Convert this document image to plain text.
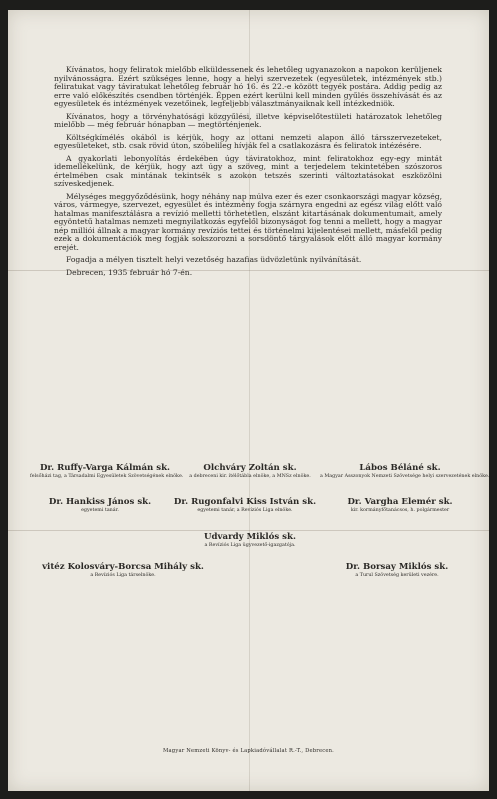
Kívánatos, hogy feliratok mielőbb elküldessenek és lehetőleg ugyanazokon a napokon kerüljenek nyilvánosságra. Ezért szükséges lenne, hogy a helyi szervezetek (egyesületek, intézmények stb.) feliratukat vagy táviratukat lehetőleg február hó 16. és 22.-e között tegyék postára. Addig pedig az erre való előkészítés csendben történjék. Éppen ezért kerülni kell minden gyűlés összehívását és az egyesületek és intézmények vezetőinek, legfeljebb választmányaiknak kell intézkedniök.

Kívánatos, hogy a törvényhatósági közgyűlési, illetve képviselőtestületi határozatok lehetőleg mielőbb — még február hónapban — megtörténjenek.

Költségkímélés okából is kérjük, hogy az ottani nemzeti alapon álló társszervezeteket, egyesületeket, stb. csak rövid úton, szóbelileg hívják fel a csatlakozásra és feliratok intézésére.

A gyakorlati lebonyolítás érdekében úgy táviratokhoz, mint feliratokhoz egy-egy mintát idemellékelünk, de kérjük, hogy azt úgy a szöveg, mint a terjedelem tekintetében szószoros értelmében csak mintának tekintsék s azokon tetszés szerinti változtatásokat eszközölni szíveskedjenek.

Mélységes meggyőződésünk, hogy néhány nap múlva ezer és ezer csonkaországi magyar község, város, vármegye, szervezet, egyesület és intézmény fogja szárnyra engedni az egész világ előtt való hatalmas manifesztálásra a revízió melletti törhetetlen, elszánt kitartásának dokumentumait, amely egyöntetű hatalmas nemzeti megnyilatkozás egyfelől bizonyságot fog tenni a mellett, hogy a magyar nép milliói állnak a magyar kormány revíziós tettei és történelmi kijelentései mellett, másfelől pedig ezek a dokumentációk meg fogják sokszorozni a sorsdöntő tárgyalások előtt álló magyar kormány erejét.

Fogadja a mélyen tisztelt helyi vezetőség hazafias üdvözletünk nyilvánítását.

Debrecen, 1935 február hó 7-én.

Dr. Ruffy-Varga Kálmán sk.
felsőházi tag, a Társadalmi Egyesületek Szövetségének elnöke.
Olchváry Zoltán sk.
a debreceni kir. ítélőtábla elnöke, a MNSz elnöke.
Lábos Béláné sk.
a Magyar Asszonyok Nemzeti Szövetsége helyi szervezetének elnöke.
Dr. Hankiss János sk.
egyetemi tanár.
Dr. Rugonfalvi Kiss István sk.
egyetemi tanár, a Revíziós Liga elnöke.
Dr. Vargha Elemér sk.
kir. kormányfőtanácsos, h. polgármester
Udvardy Miklós sk.
a Revíziós Liga ügyvezető-igazgatója.
vitéz Kolosváry-Borcsa Mihály sk.
a Revíziós Liga társelnöke.
Dr. Borsay Miklós sk.
a Turul Szövetség kerületi vezére.
Magyar Nemzeti Könyv- és Lapkiadóvállalat R.-T., Debrecen.
